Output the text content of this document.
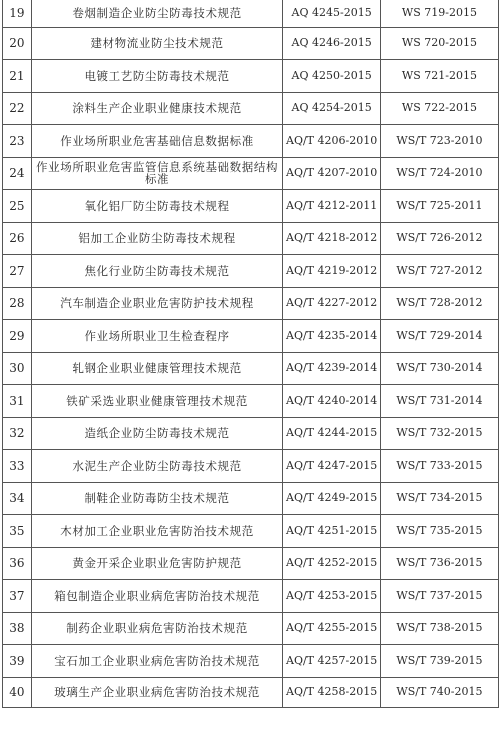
19	卷烟制造企业防尘防毒技术规范	AQ 4245-2015	WS 719-2015
20	建材物流业防尘技术规范	AQ 4246-2015	WS 720-2015
21	电镀工艺防尘防毒技术规范	AQ 4250-2015	WS 721-2015
22	涂料生产企业职业健康技术规范	AQ 4254-2015	WS 722-2015
23	作业场所职业危害基础信息数据标准	AQ/T 4206-2010	WS/T 723-2010
24	作业场所职业危害监管信息系统基础数据结构标准	AQ/T 4207-2010	WS/T 724-2010
25	氧化铝厂防尘防毒技术规程	AQ/T 4212-2011	WS/T 725-2011
26	铝加工企业防尘防毒技术规程	AQ/T 4218-2012	WS/T 726-2012
27	焦化行业防尘防毒技术规范	AQ/T 4219-2012	WS/T 727-2012
28	汽车制造企业职业危害防护技术规程	AQ/T 4227-2012	WS/T 728-2012
29	作业场所职业卫生检查程序	AQ/T 4235-2014	WS/T 729-2014
30	轧钢企业职业健康管理技术规范	AQ/T 4239-2014	WS/T 730-2014
31	铁矿采选业职业健康管理技术规范	AQ/T 4240-2014	WS/T 731-2014
32	造纸企业防尘防毒技术规范	AQ/T 4244-2015	WS/T 732-2015
33	水泥生产企业防尘防毒技术规范	AQ/T 4247-2015	WS/T 733-2015
34	制鞋企业防毒防尘技术规范	AQ/T 4249-2015	WS/T 734-2015
35	木材加工企业职业危害防治技术规范	AQ/T 4251-2015	WS/T 735-2015
36	黄金开采企业职业危害防护规范	AQ/T 4252-2015	WS/T 736-2015
37	箱包制造企业职业病危害防治技术规范	AQ/T 4253-2015	WS/T 737-2015
38	制药企业职业病危害防治技术规范	AQ/T 4255-2015	WS/T 738-2015
39	宝石加工企业职业病危害防治技术规范	AQ/T 4257-2015	WS/T 739-2015
40	玻璃生产企业职业病危害防治技术规范	AQ/T 4258-2015	WS/T 740-2015
